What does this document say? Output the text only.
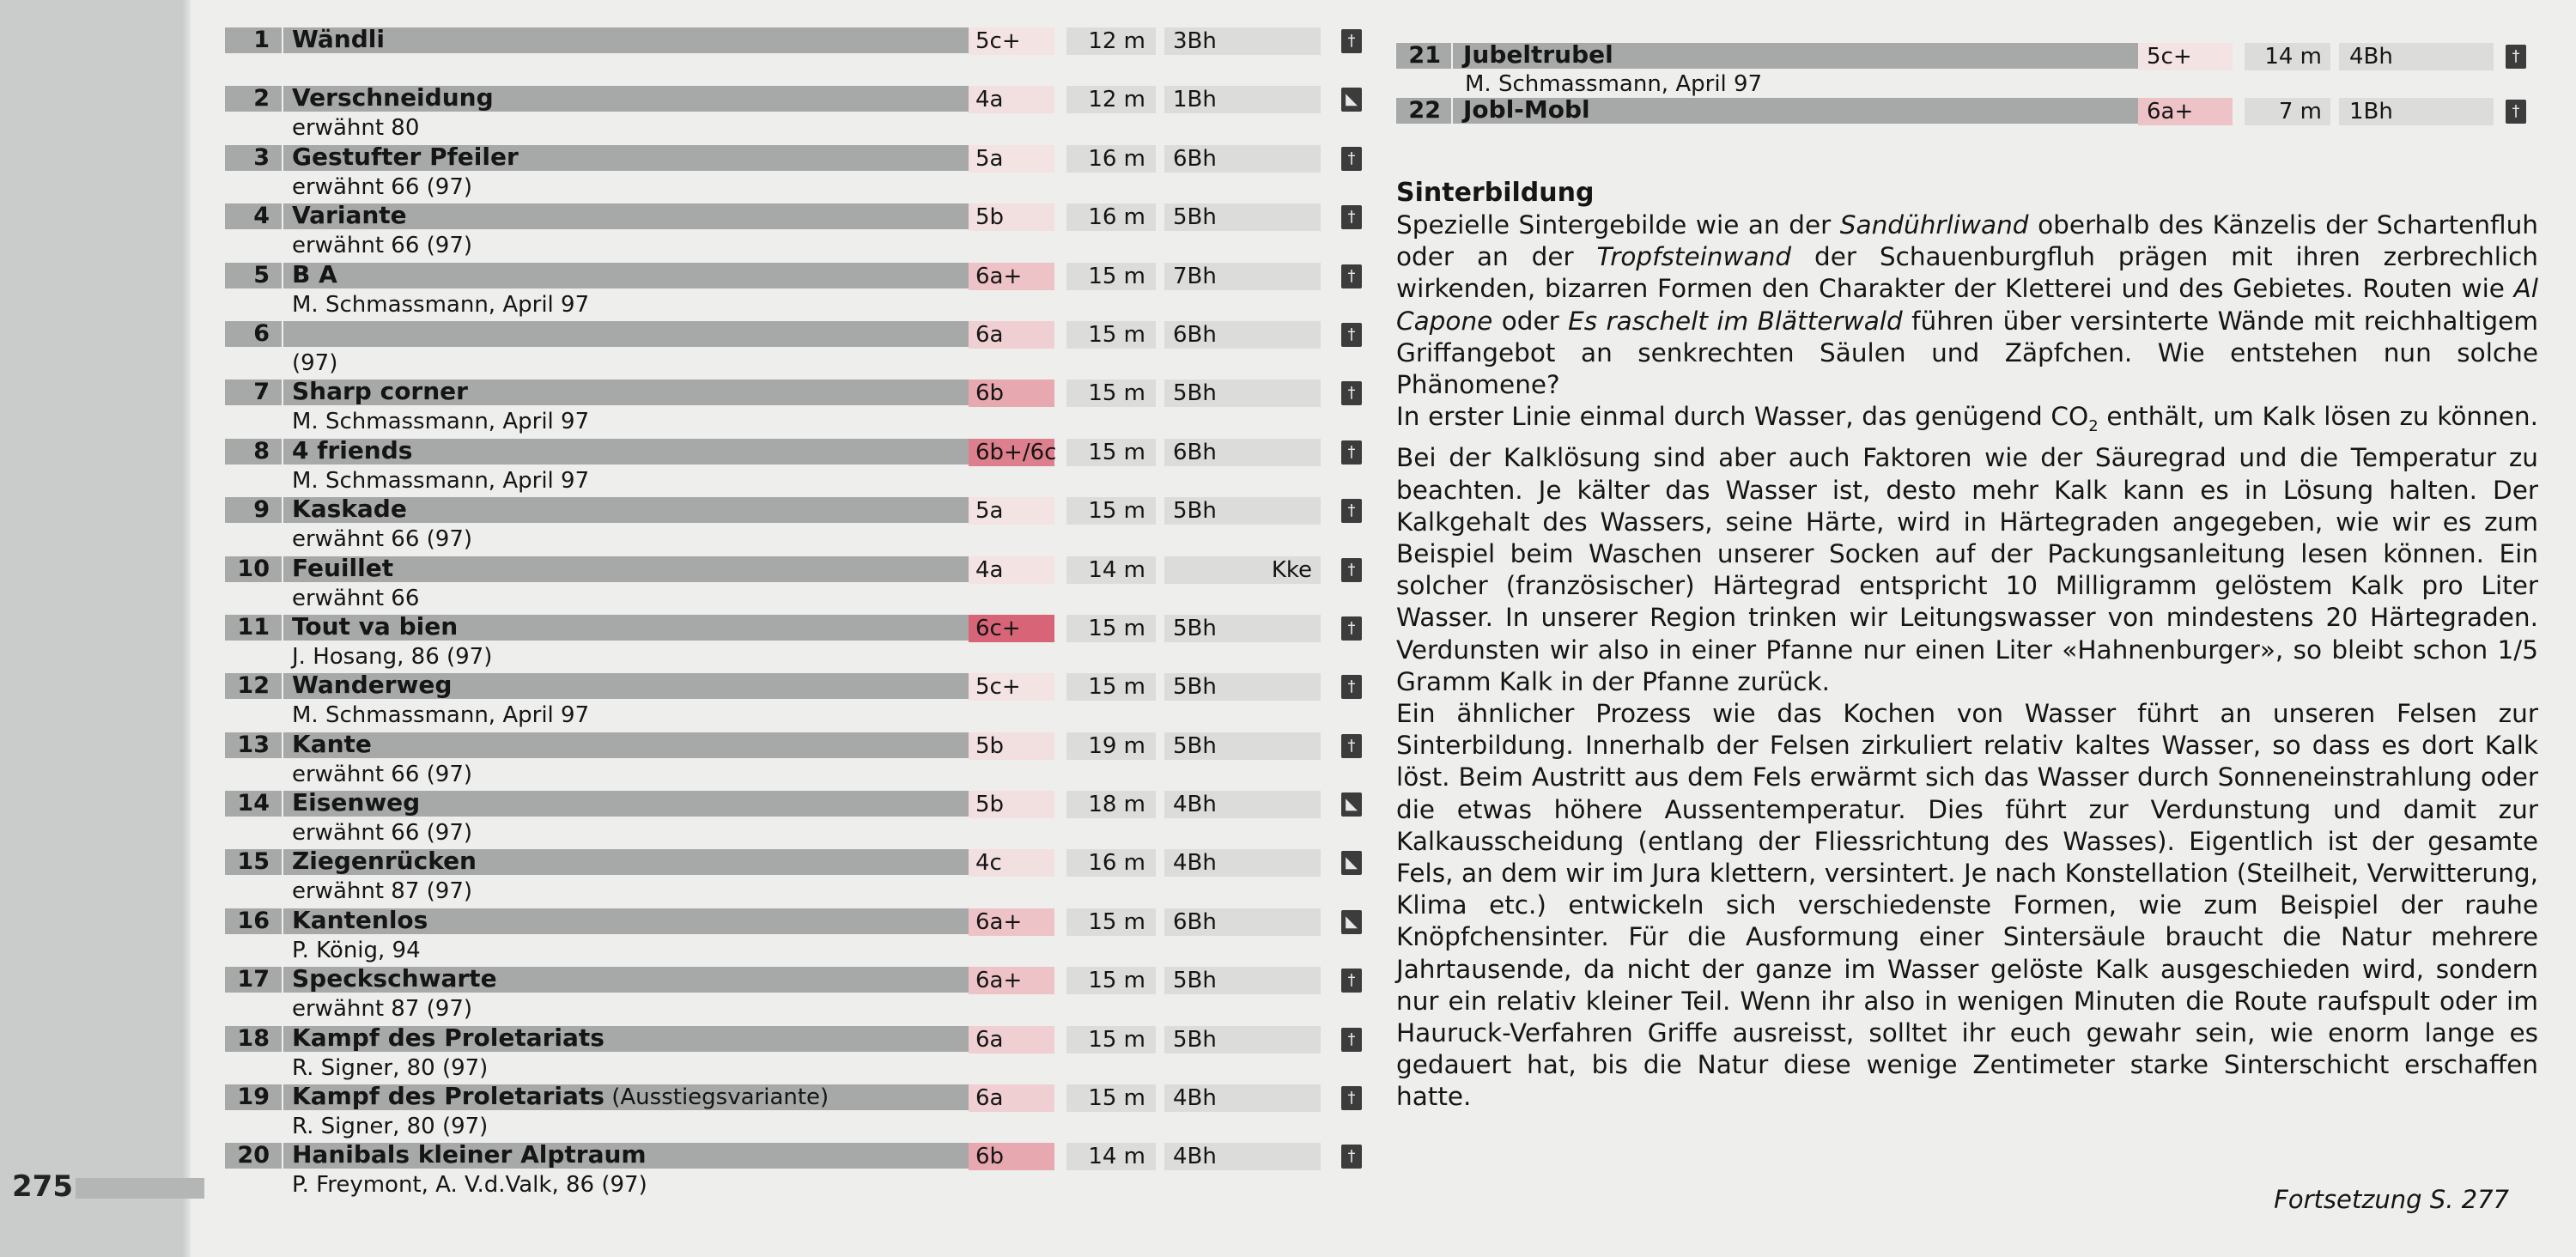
275
1 Wändli	5c+	12 m	3Bh	†
2 Verschneidung	4a	12 m	1Bh	◣
erwähnt 80
3 Gestufter Pfeiler	5a	16 m	6Bh	†
erwähnt 66 (97)
4 Variante	5b	16 m	5Bh	†
erwähnt 66 (97)
5 B A	6a+	15 m	7Bh	†
M. Schmassmann, April 97
6	6a	15 m	6Bh	†
(97)
7 Sharp corner	6b	15 m	5Bh	†
M. Schmassmann, April 97
8 4 friends	6b+/6c	15 m	6Bh	†
M. Schmassmann, April 97
9 Kaskade	5a	15 m	5Bh	†
erwähnt 66 (97)
10 Feuillet	4a	14 m	Kke	†
erwähnt 66
11 Tout va bien	6c+	15 m	5Bh	†
J. Hosang, 86 (97)
12 Wanderweg	5c+	15 m	5Bh	†
M. Schmassmann, April 97
13 Kante	5b	19 m	5Bh	†
erwähnt 66 (97)
14 Eisenweg	5b	18 m	4Bh	◣
erwähnt 66 (97)
15 Ziegenrücken	4c	16 m	4Bh	◣
erwähnt 87 (97)
16 Kantenlos	6a+	15 m	6Bh	◣
P. König, 94
17 Speckschwarte	6a+	15 m	5Bh	†
erwähnt 87 (97)
18 Kampf des Proletariats	6a	15 m	5Bh	†
R. Signer, 80 (97)
19 Kampf des Proletariats (Ausstiegsvariante)	6a	15 m	4Bh	†
R. Signer, 80 (97)
20 Hanibals kleiner Alptraum	6b	14 m	4Bh	†
P. Freymont, A. V.d.Valk, 86 (97)
21 Jubeltrubel	5c+	14 m	4Bh	†
M. Schmassmann, April 97
22 Jobl-Mobl	6a+	7 m	1Bh	†
Sinterbildung

Spezielle Sintergebilde wie an der Sandührliwand oberhalb des Känzelis der Schartenfluh oder an der Tropfsteinwand der Schauenburgfluh prägen mit ihren zerbrechlich wirkenden, bizarren Formen den Charakter der Kletterei und des Gebietes. Routen wie Al Capone oder Es raschelt im Blätterwald führen über versinterte Wände mit reichhaltigem Griffangebot an senkrechten Säulen und Zäpfchen. Wie entstehen nun solche Phänomene?

In erster Linie einmal durch Wasser, das genügend $CO_2$ enthält, um Kalk lösen zu können. Bei der Kalklösung sind aber auch Faktoren wie der Säuregrad und die Temperatur zu beachten. Je kälter das Wasser ist, desto mehr Kalk kann es in Lösung halten. Der Kalkgehalt des Wassers, seine Härte, wird in Härtegraden angegeben, wie wir es zum Beispiel beim Waschen unserer Socken auf der Packungsanleitung lesen können. Ein solcher (französischer) Härtegrad entspricht 10 Milligramm gelöstem Kalk pro Liter Wasser. In unserer Region trinken wir Leitungswasser von mindestens 20 Härtegraden. Verdunsten wir also in einer Pfanne nur einen Liter «Hahnenburger», so bleibt schon 1/5 Gramm Kalk in der Pfanne zurück.

Ein ähnlicher Prozess wie das Kochen von Wasser führt an unseren Felsen zur Sinterbildung. Innerhalb der Felsen zirkuliert relativ kaltes Wasser, so dass es dort Kalk löst. Beim Austritt aus dem Fels erwärmt sich das Wasser durch Sonneneinstrahlung oder die etwas höhere Aussentemperatur. Dies führt zur Verdunstung und damit zur Kalkausscheidung (entlang der Fliessrichtung des Wasses). Eigentlich ist der gesamte Fels, an dem wir im Jura klettern, versintert. Je nach Konstellation (Steilheit, Verwitterung, Klima etc.) entwickeln sich verschiedenste Formen, wie zum Beispiel der rauhe Knöpfchensinter. Für die Ausformung einer Sintersäule braucht die Natur mehrere Jahrtausende, da nicht der ganze im Wasser gelöste Kalk ausgeschieden wird, sondern nur ein relativ kleiner Teil. Wenn ihr also in wenigen Minuten die Route raufspult oder im Hauruck-Verfahren Griffe ausreisst, solltet ihr euch gewahr sein, wie enorm lange es gedauert hat, bis die Natur diese wenige Zentimeter starke Sinterschicht erschaffen hatte.

Fortsetzung S. 277
